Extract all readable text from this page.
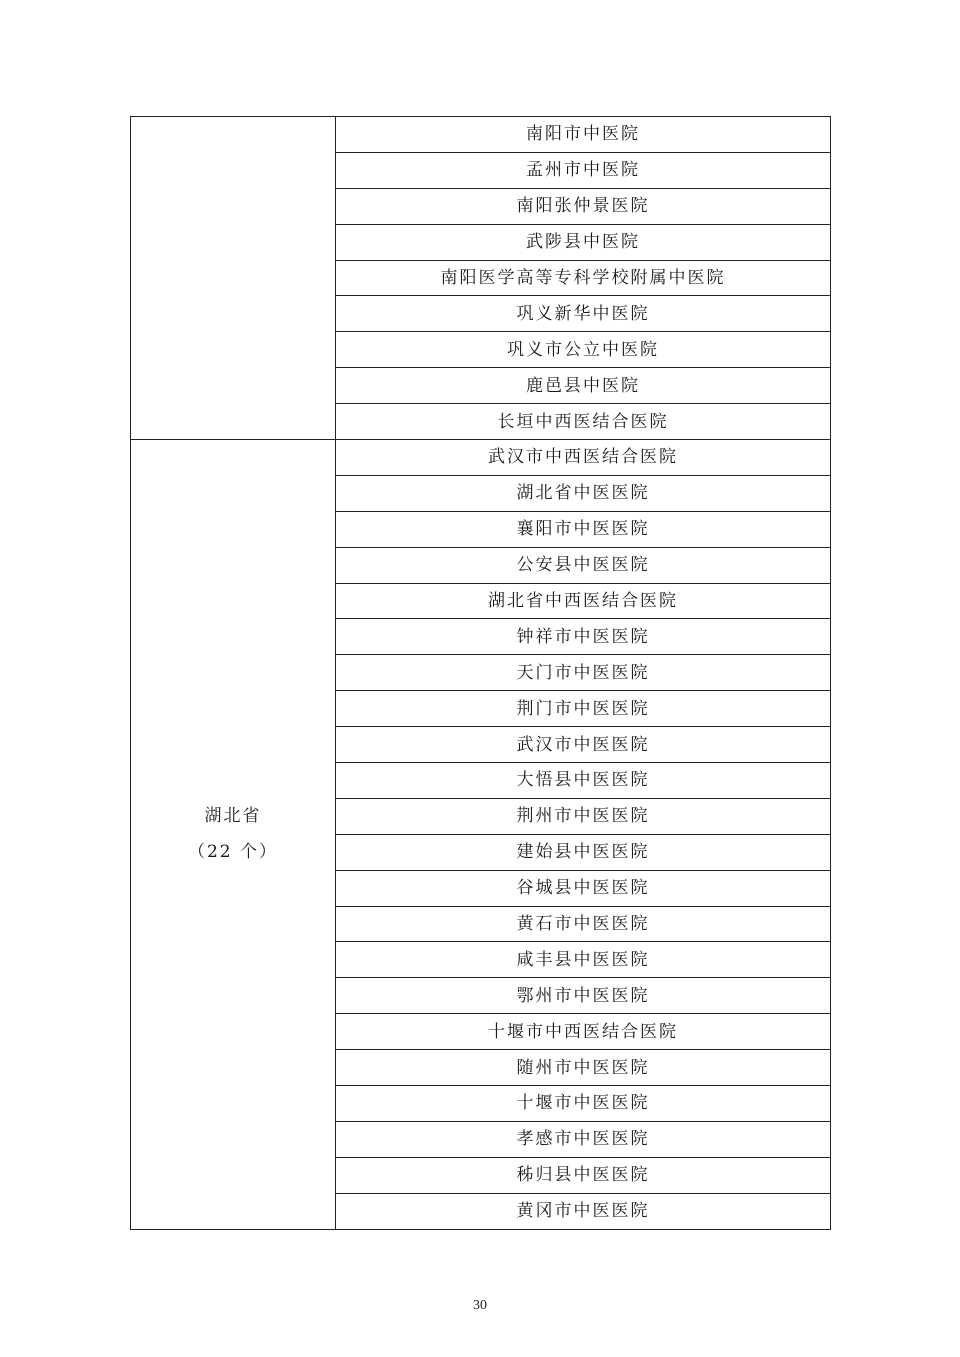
	南阳市中医院
	孟州市中医院
	南阳张仲景医院
	武陟县中医院
	南阳医学高等专科学校附属中医院
	巩义新华中医院
	巩义市公立中医院
	鹿邑县中医院
	长垣中西医结合医院

湖北省
（22 个）	武汉市中西医结合医院
	湖北省中医医院
	襄阳市中医医院
	公安县中医医院
	湖北省中西医结合医院
	钟祥市中医医院
	天门市中医医院
	荆门市中医医院
	武汉市中医医院
	大悟县中医医院
	荆州市中医医院
	建始县中医医院
	谷城县中医医院
	黄石市中医医院
	咸丰县中医医院
	鄂州市中医医院
	十堰市中西医结合医院
	随州市中医医院
	十堰市中医医院
	孝感市中医医院
	秭归县中医医院
	黄冈市中医医院
30
